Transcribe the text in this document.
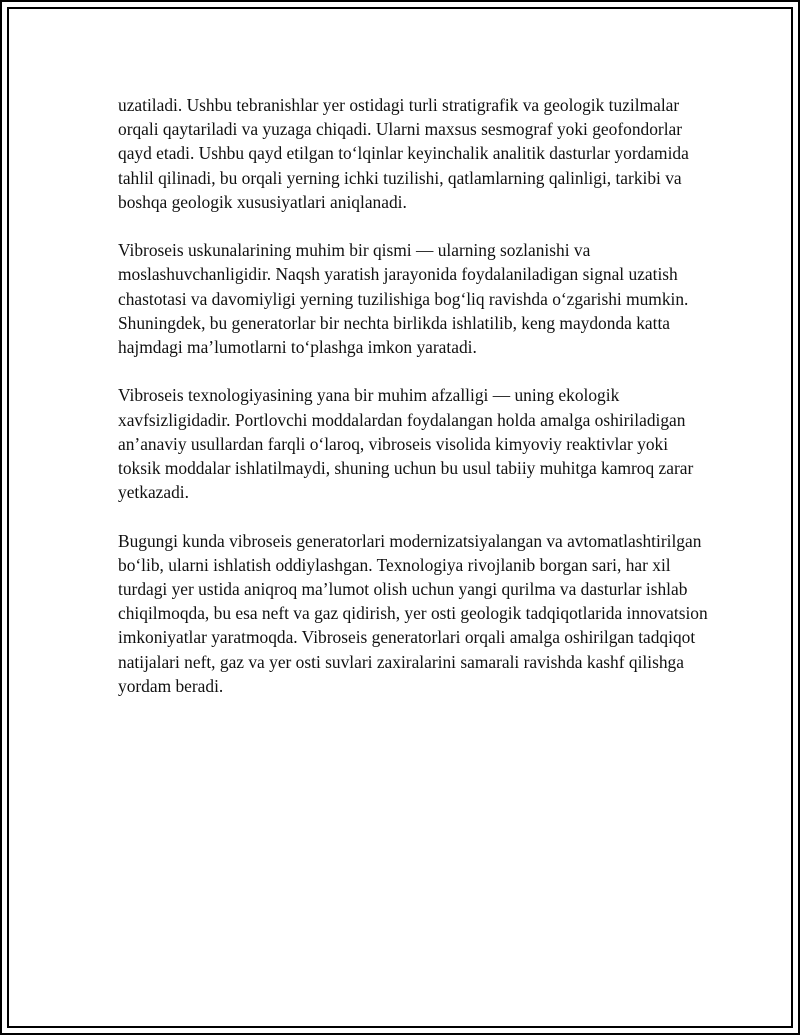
uzatiladi. Ushbu tebranishlar yer ostidagi turli stratigrafik va geologik tuzilmalar orqali qaytariladi va yuzaga chiqadi. Ularni maxsus sesmograf yoki geofondorlar qayd etadi. Ushbu qayd etilgan to‘lqinlar keyinchalik analitik dasturlar yordamida tahlil qilinadi, bu orqali yerning ichki tuzilishi, qatlamlarning qalinligi, tarkibi va boshqa geologik xususiyatlari aniqlanadi.

Vibroseis uskunalarining muhim bir qismi — ularning sozlanishi va moslashuvchanligidir. Naqsh yaratish jarayonida foydalaniladigan signal uzatish chastotasi va davomiyligi yerning tuzilishiga bog‘liq ravishda o‘zgarishi mumkin. Shuningdek, bu generatorlar bir nechta birlikda ishlatilib, keng maydonda katta hajmdagi ma’lumotlarni to‘plashga imkon yaratadi.

Vibroseis texnologiyasining yana bir muhim afzalligi — uning ekologik xavfsizligidadir. Portlovchi moddalardan foydalangan holda amalga oshiriladigan an’anaviy usullardan farqli o‘laroq, vibroseis visolida kimyoviy reaktivlar yoki toksik moddalar ishlatilmaydi, shuning uchun bu usul tabiiy muhitga kamroq zarar yetkazadi.

Bugungi kunda vibroseis generatorlari modernizatsiyalangan va avtomatlashtirilgan bo‘lib, ularni ishlatish oddiylashgan. Texnologiya rivojlanib borgan sari, har xil turdagi yer ustida aniqroq ma’lumot olish uchun yangi qurilma va dasturlar ishlab chiqilmoqda, bu esa neft va gaz qidirish, yer osti geologik tadqiqotlarida innovatsion imkoniyatlar yaratmoqda. Vibroseis generatorlari orqali amalga oshirilgan tadqiqot natijalari neft, gaz va yer osti suvlari zaxiralarini samarali ravishda kashf qilishga yordam beradi.
